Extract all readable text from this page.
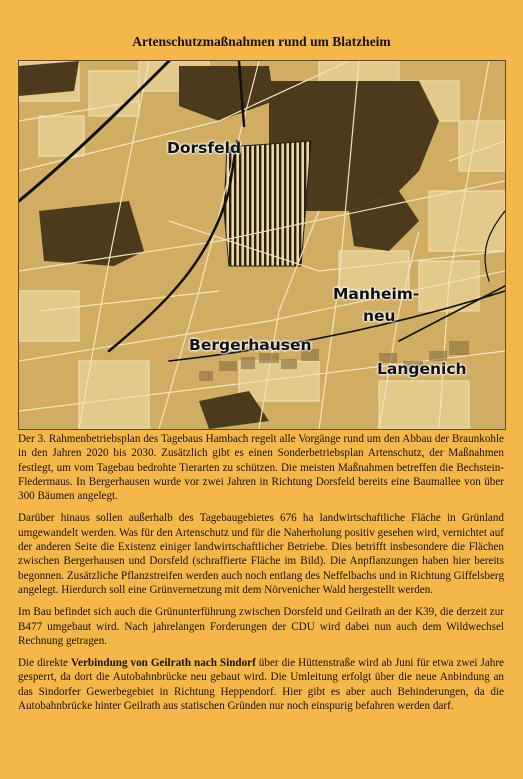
Artenschutzmaßnahmen rund um Blatzheim
Dorsfeld
Manheim-
neu
Bergerhausen
Langenich

Der 3. Rahmenbetriebsplan des Tagebaus Hambach regelt alle Vorgänge rund um den Abbau der Braunkohle in den Jahren 2020 bis 2030. Zusätzlich gibt es einen Sonderbetriebsplan Artenschutz, der Maßnahmen festlegt, um vom Tagebau bedrohte Tierarten zu schützen. Die meisten Maßnahmen betreffen die Bechstein-Fledermaus. In Bergerhausen wurde vor zwei Jahren in Richtung Dorsfeld bereits eine Baumallee von über 300 Bäumen angelegt.

Darüber hinaus sollen außerhalb des Tagebaugebietes 676 ha landwirtschaftliche Fläche in Grünland umgewandelt werden. Was für den Artenschutz und für die Naherholung positiv gesehen wird, vernichtet auf der anderen Seite die Existenz einiger landwirtschaftlicher Betriebe. Dies betrifft insbesondere die Flächen zwischen Bergerhausen und Dorsfeld (schraffierte Fläche im Bild). Die Anpflanzungen haben hier bereits begonnen. Zusätzliche Pflanzstreifen werden auch noch entlang des Neffelbachs und in Richtung Giffelsberg angelegt. Hierdurch soll eine Grünvernetzung mit dem Nörvenicher Wald hergestellt werden.

Im Bau befindet sich auch die Grünunterführung zwischen Dorsfeld und Geilrath an der K39, die derzeit zur B477 umgebaut wird. Nach jahrelangen Forderungen der CDU wird dabei nun auch dem Wildwechsel Rechnung getragen.

Die direkte Verbindung von Geilrath nach Sindorf über die Hüttenstraße wird ab Juni für etwa zwei Jahre gesperrt, da dort die Autobahnbrücke neu gebaut wird. Die Umleitung erfolgt über die neue Anbindung an das Sindorfer Gewerbegebiet in Richtung Heppendorf. Hier gibt es aber auch Behinderungen, da die Autobahnbrücke hinter Geilrath aus statischen Gründen nur noch einspurig befahren werden darf.
